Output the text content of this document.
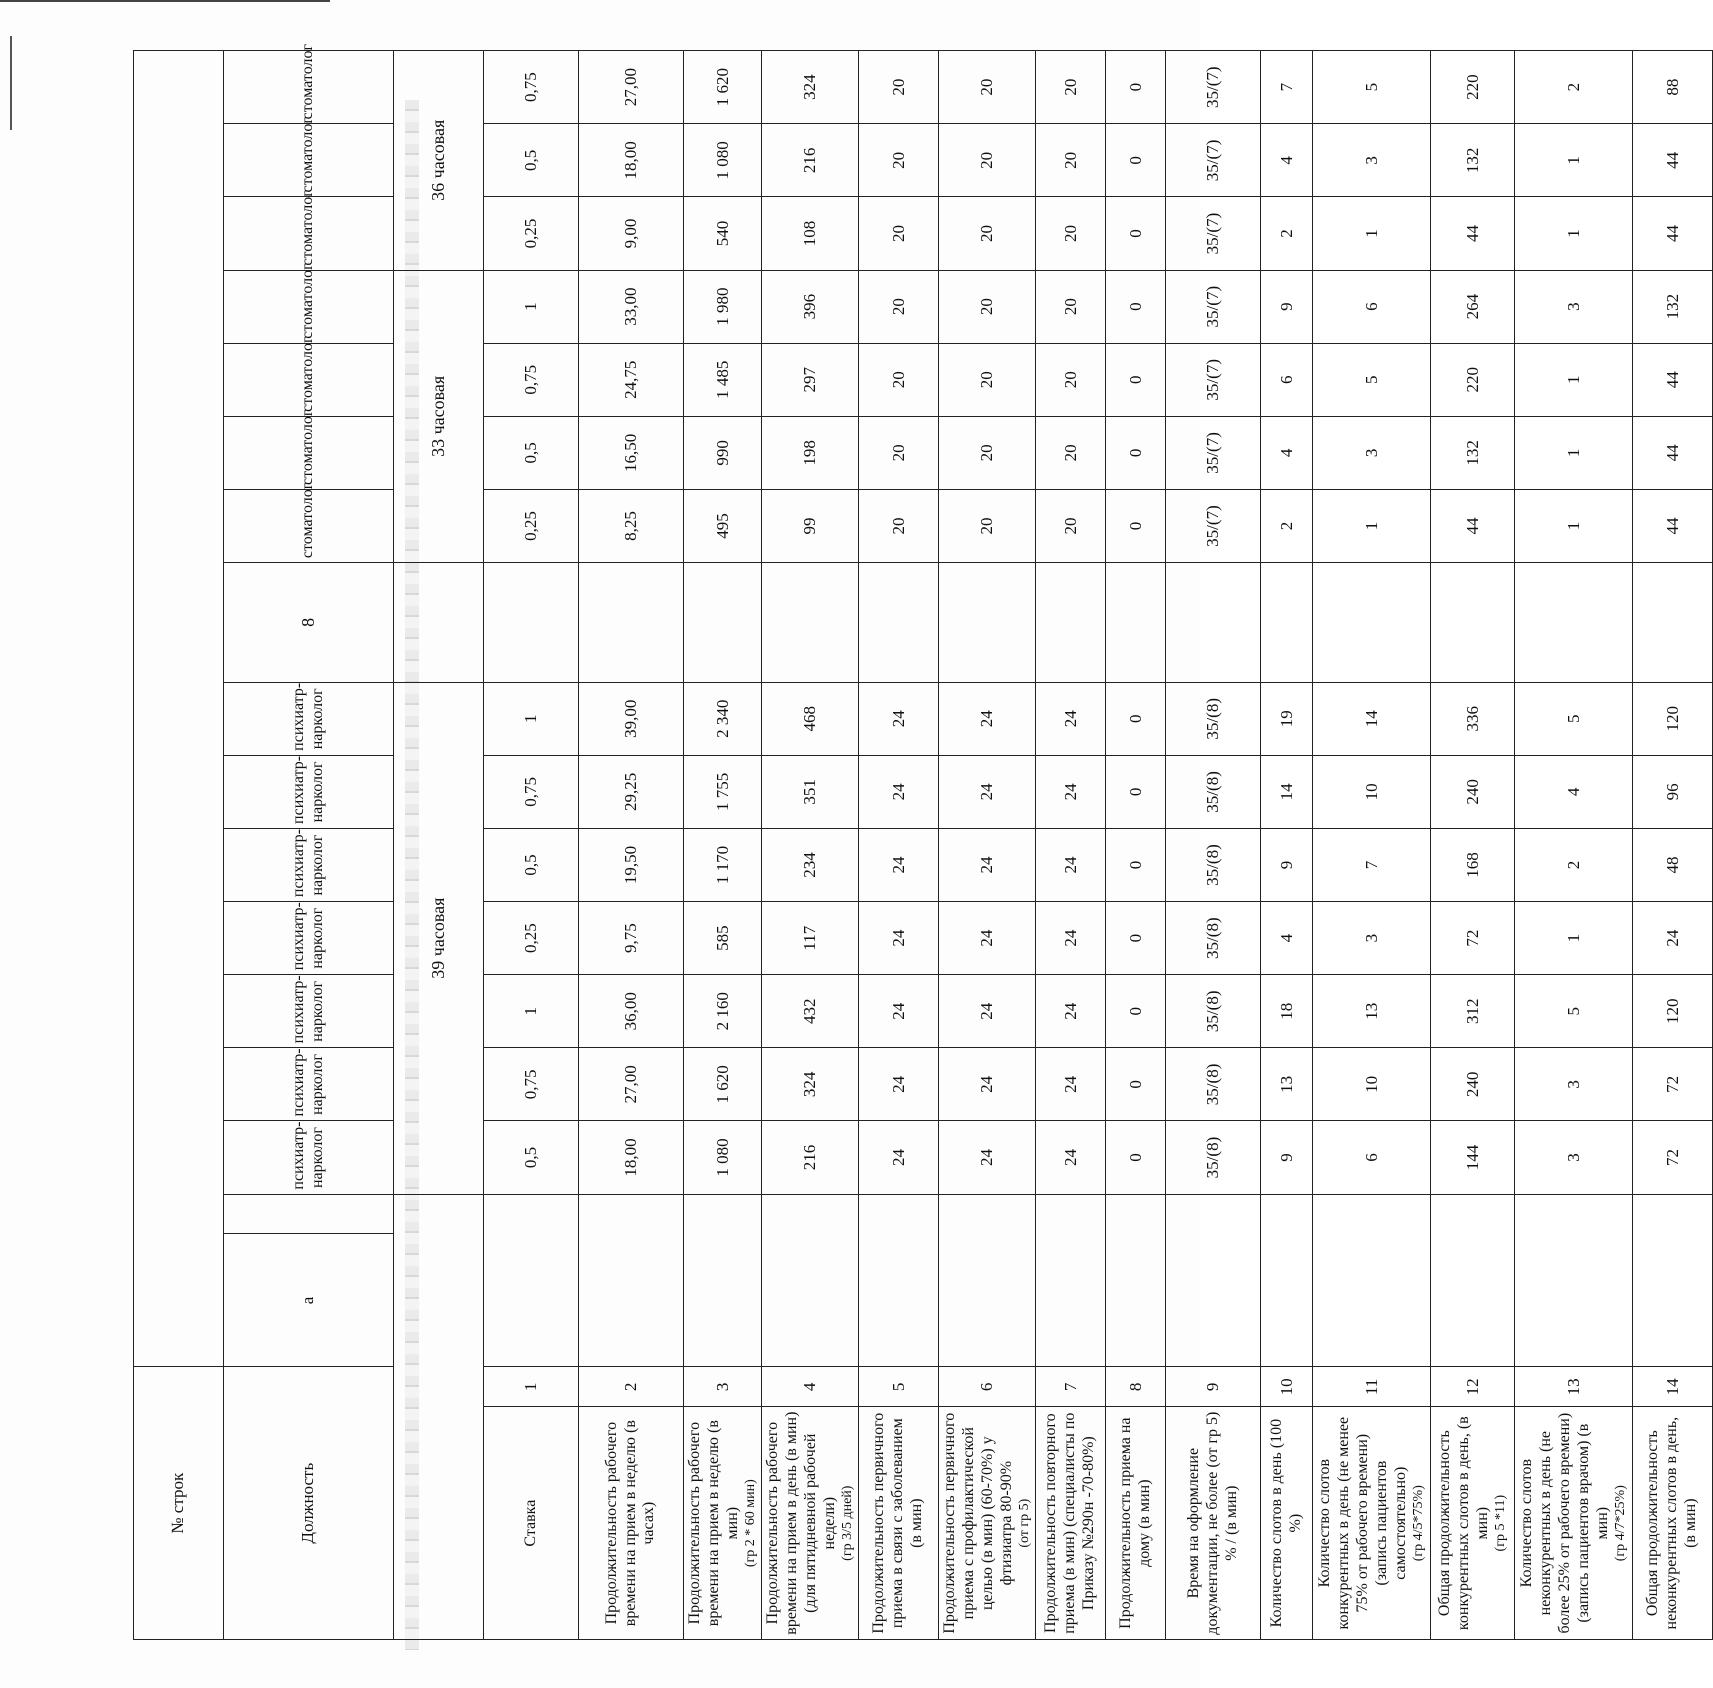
№ строк																		
Должность		а		психиатр-нарколог	психиатр-нарколог	психиатр-нарколог	психиатр-нарколог	психиатр-нарколог	психиатр-нарколог	психиатр-нарколог	8	стоматолог	стоматолог	стоматолог	стоматолог	стоматолог	стоматолог	стоматолог
				39 часовая								33 часовая				36 часовая		

Ставка	1			0,5	0,75	1	0,25	0,5	0,75	1		0,25	0,5	0,75	1	0,25	0,5	0,75

Продолжительность рабочего времени на прием в неделю (в часах)	2			18,00	27,00	36,00	9,75	19,50	29,25	39,00		8,25	16,50	24,75	33,00	9,00	18,00	27,00

Продолжительность рабочего времени на прием в неделю (в мин) (гр 2 * 60 мин)	3			1 080	1 620	2 160	585	1 170	1 755	2 340		495	990	1 485	1 980	540	1 080	1 620

Продолжительность рабочего времени на прием в день (в мин) (для пятидневной рабочей недели) (гр 3/5 дней)	4			216	324	432	117	234	351	468		99	198	297	396	108	216	324

Продолжительность первичного приема в связи с заболеванием (в мин)	5			24	24	24	24	24	24	24		20	20	20	20	20	20	20

Продолжительность первичного приема с профилактической целью (в мин) (60-70%) у фтизиатра 80-90% (от гр 5)	6			24	24	24	24	24	24	24		20	20	20	20	20	20	20

Продолжительность повторного приема (в мин) (специалисты по Приказу №290н -70-80%)	7			24	24	24	24	24	24	24		20	20	20	20	20	20	20

Продолжительность приема на дому (в мин)	8			0	0	0	0	0	0	0		0	0	0	0	0	0	0

Время на оформление документации, не более (от гр 5) % / (в мин)	9			35/(8)	35/(8)	35/(8)	35/(8)	35/(8)	35/(8)	35/(8)		35/(7)	35/(7)	35/(7)	35/(7)	35/(7)	35/(7)	35/(7)

Количество слотов в день (100 %)	10			9	13	18	4	9	14	19		2	4	6	9	2	4	7

Количество слотов конкурентных в день (не менее 75% от рабочего времени) (запись пациентов самостоятельно) (гр 4/5*75%)	11			6	10	13	3	7	10	14		1	3	5	6	1	3	5

Общая продолжительность конкурентных слотов в день, (в мин) (гр 5 *11)	12			144	240	312	72	168	240	336		44	132	220	264	44	132	220

Количество слотов неконкурентных в день (не более 25% от рабочего времени) (запись пациентов врачом) (в мин) (гр 4/7*25%)	13			3	3	5	1	2	4	5		1	1	1	3	1	1	2

Общая продолжительность неконкурентных слотов в день, (в мин)	14			72	72	120	24	48	96	120		44	44	44	132	44	44	88
